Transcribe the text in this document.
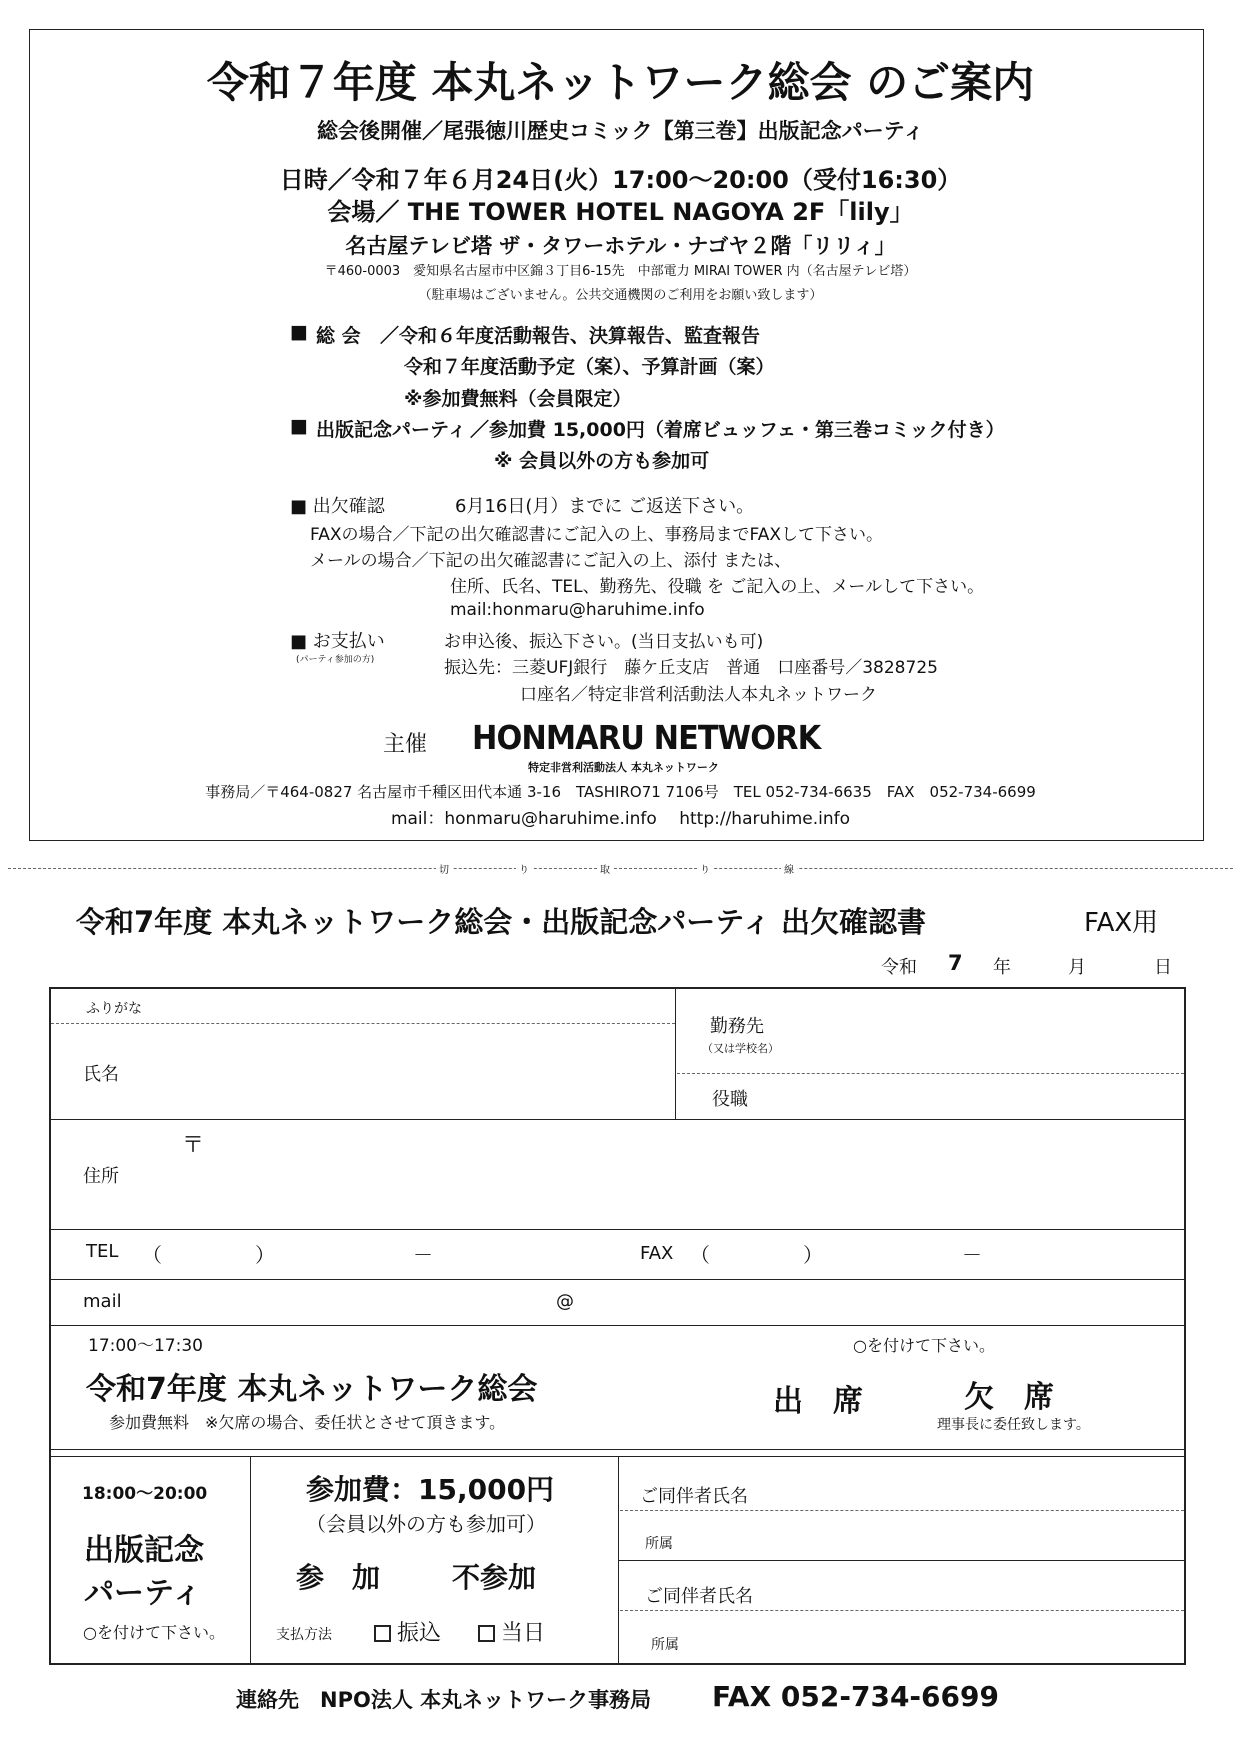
令和７年度 本丸ネットワーク総会 のご案内
総会後開催／尾張徳川歴史コミック【第三巻】出版記念パーティ
日時／令和７年６月24日(火）17:00～20:00（受付16:30）
会場／ THE TOWER HOTEL NAGOYA 2F「lily」
名古屋テレビ塔 ザ・タワーホテル・ナゴヤ２階「リリィ」
〒460-0003　愛知県名古屋市中区錦３丁目6-15先　中部電力 MIRAI TOWER 内（名古屋テレビ塔）
（駐車場はございません。公共交通機関のご利用をお願い致します）
■ 総 会 ／令和６年度活動報告、決算報告、監査報告
令和７年度活動予定（案）、予算計画（案）
※参加費無料（会員限定）
■ 出版記念パーティ ／参加費 15,000円（着席ビュッフェ・第三巻コミック付き）
※ 会員以外の方も参加可
■ 出欠確認	6月16日(月）までに ご返送下さい。
FAXの場合／下記の出欠確認書にご記入の上、事務局までFAXして下さい。
メールの場合／下記の出欠確認書にご記入の上、添付 または、
住所、氏名、TEL、勤務先、役職 を ご記入の上、メールして下さい。
mail:honmaru@haruhime.info
■ お支払い
(パーティ参加の方)
お申込後、振込下さい。(当日支払いも可)
振込先：三菱UFJ銀行　藤ケ丘支店　普通　口座番号／3828725
口座名／特定非営利活動法人本丸ネットワーク
主催 HONMARU NETWORK
特定非営利活動法人 本丸ネットワーク
事務局／〒464-0827 名古屋市千種区田代本通 3-16　TASHIRO71 7106号　TEL 052-734-6635　FAX　052-734-6699
mail：honmaru@haruhime.info　 http://haruhime.info
切	り	取	り	線
令和7年度 本丸ネットワーク総会・出版記念パーティ 出欠確認書	FAX用
令和 7 年	月	日
ふりがな
氏名
勤務先
（又は学校名）
役職
〒
住所
TEL （	）	－	FAX （	）	－
mail	@
17:00～17:30
令和7年度 本丸ネットワーク総会
参加費無料　※欠席の場合、委任状とさせて頂きます。
○を付けて下さい。
出　席	欠　席
理事長に委任致します。
18:00～20:00
出版記念
パーティ
○を付けて下さい。
参加費：15,000円
（会員以外の方も参加可）
参　加	不参加
支払方法	振込	当日
ご同伴者氏名
所属
ご同伴者氏名
所属
連絡先　NPO法人 本丸ネットワーク事務局 FAX 052-734-6699
